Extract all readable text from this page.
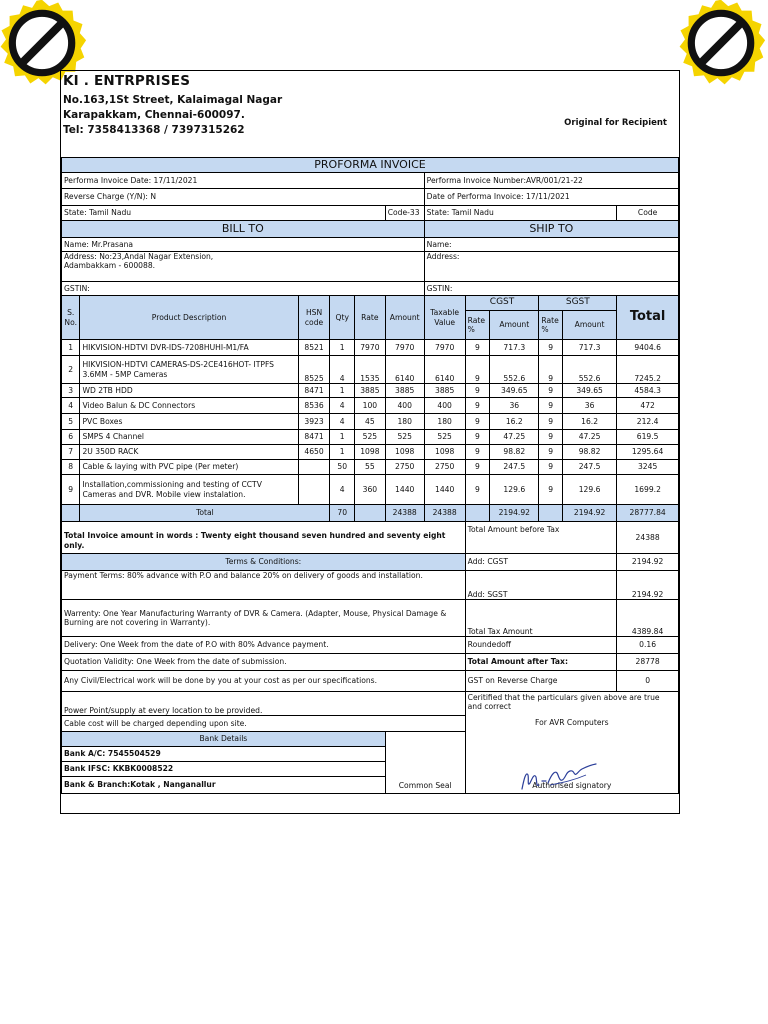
KI . ENTRPRISES
No.163,1St Street, Kalaimagal Nagar
Karapakkam, Chennai-600097.
Tel: 7358413368 / 7397315262
Original for Recipient
PROFORMA INVOICE											
Performa Invoice Date: 17/11/2021						Performa Invoice Number:AVR/001/21-22					
Reverse Charge (Y/N): N						Date of Performa Invoice: 17/11/2021					
State: Tamil Nadu					Code-33	State: Tamil Nadu					Code
BILL TO						SHIP TO					
Name: Mr.Prasana						Name:					

Address: No:23,Andal Nagar Extension,
Adambakkam - 600088.						Address:					
GSTIN:						GSTIN:					
S. No.	Product Description	HSN code	Qty	Rate	Amount	Taxable Value	CGST		SGST		Total
							Rate %	Amount	Rate %	Amount	
1	HIKVISION-HDTVI DVR-IDS-7208HUHI-M1/FA	8521	1	7970	7970	7970	9	717.3	9	717.3	9404.6
2	HIKVISION-HDTVI CAMERAS-DS-2CE416HOT- ITPFS 3.6MM - 5MP Cameras	8525	4	1535	6140	6140	9	552.6	9	552.6	7245.2
3	WD 2TB HDD	8471	1	3885	3885	3885	9	349.65	9	349.65	4584.3
4	Video Balun & DC Connectors	8536	4	100	400	400	9	36	9	36	472
5	PVC Boxes	3923	4	45	180	180	9	16.2	9	16.2	212.4
6	SMPS 4 Channel	8471	1	525	525	525	9	47.25	9	47.25	619.5
7	2U 350D RACK	4650	1	1098	1098	1098	9	98.82	9	98.82	1295.64
8	Cable & laying with PVC pipe (Per meter)		50	55	2750	2750	9	247.5	9	247.5	3245
9	Installation,commissioning and testing of CCTV Cameras and DVR. Mobile view instalation.		4	360	1440	1440	9	129.6	9	129.6	1699.2
	Total		70		24388	24388		2194.92		2194.92	28777.84
Total Invoice amount in words : Twenty eight thousand seven hundred and seventy eight only.							Total Amount before Tax				24388
Terms & Conditions:							Add: CGST				2194.92
Payment Terms: 80% advance with P.O and balance 20% on delivery of goods and installation.							Add: SGST				2194.92
Warrenty: One Year Manufacturing Warranty of DVR & Camera. (Adapter, Mouse, Physical Damage & Burning are not covering in Warranty).							Total Tax Amount				4389.84
Delivery: One Week from the date of P.O with 80% Advance payment.							Roundedoff				0.16
Quotation Validity: One Week from the date of submission.							Total Amount after Tax:				28778
Any Civil/Electrical work will be done by you at your cost as per our specifications.							GST on Reverse Charge				0
Power Point/supply at every location to be provided.							Ceritified that the particulars given above are true and correct
For AVR Computers
Authorised signatory				

Cable cost will be charged depending upon site.											
Bank Details					Common Seal						
Bank A/C: 7545504529											
Bank IFSC: KKBK0008522											
Bank & Branch:Kotak , Nanganallur											
